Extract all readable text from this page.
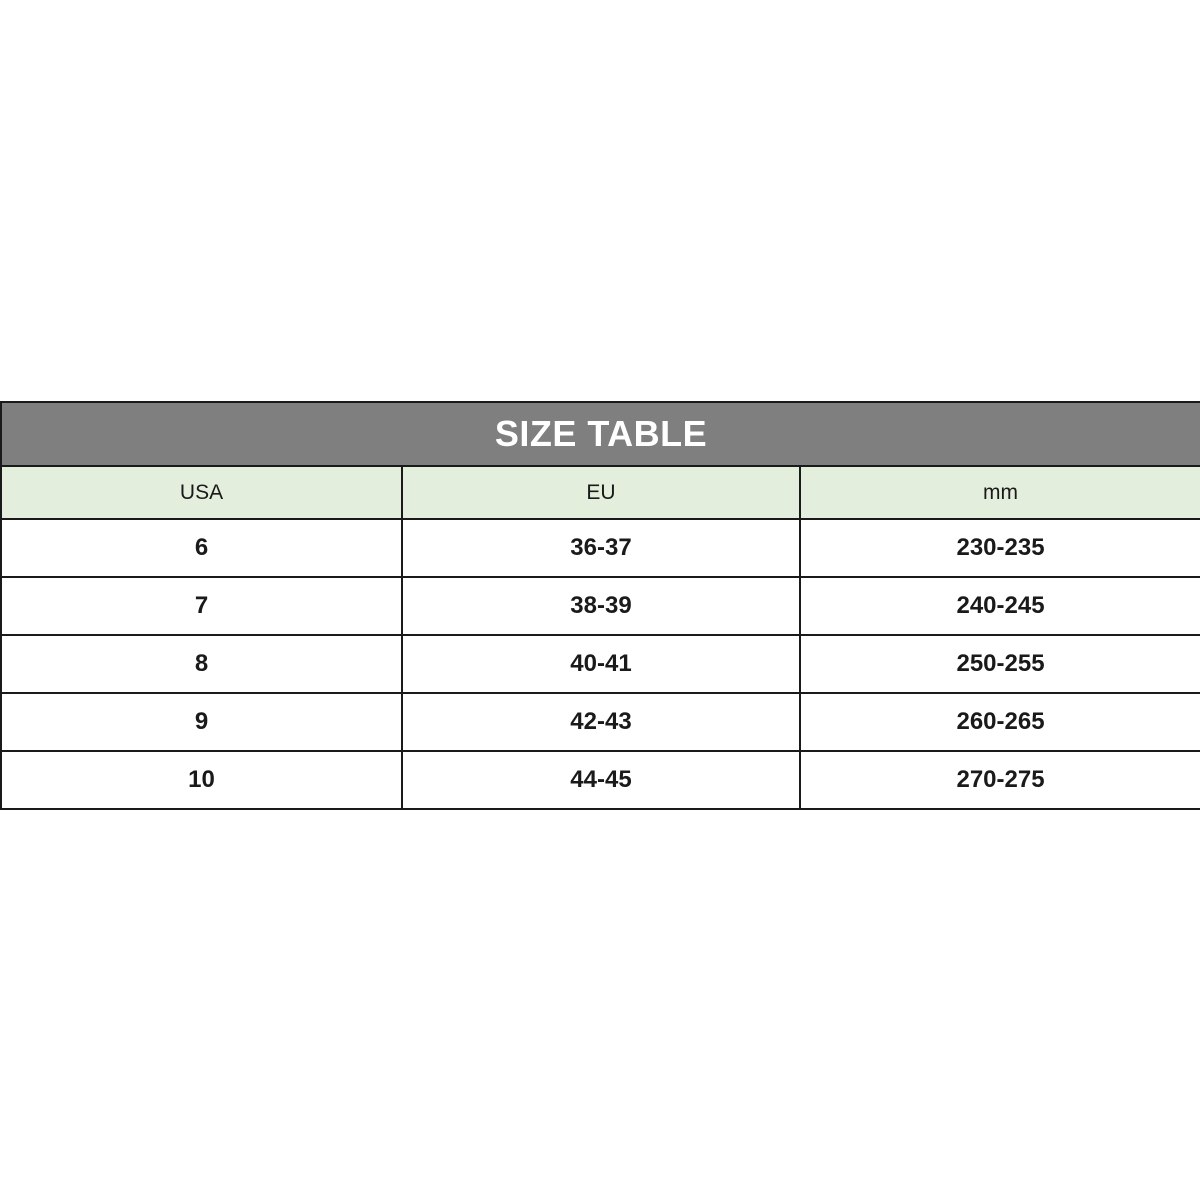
SIZE TABLE		
USA	EU	mm
6	36-37	230-235
7	38-39	240-245
8	40-41	250-255
9	42-43	260-265
10	44-45	270-275
